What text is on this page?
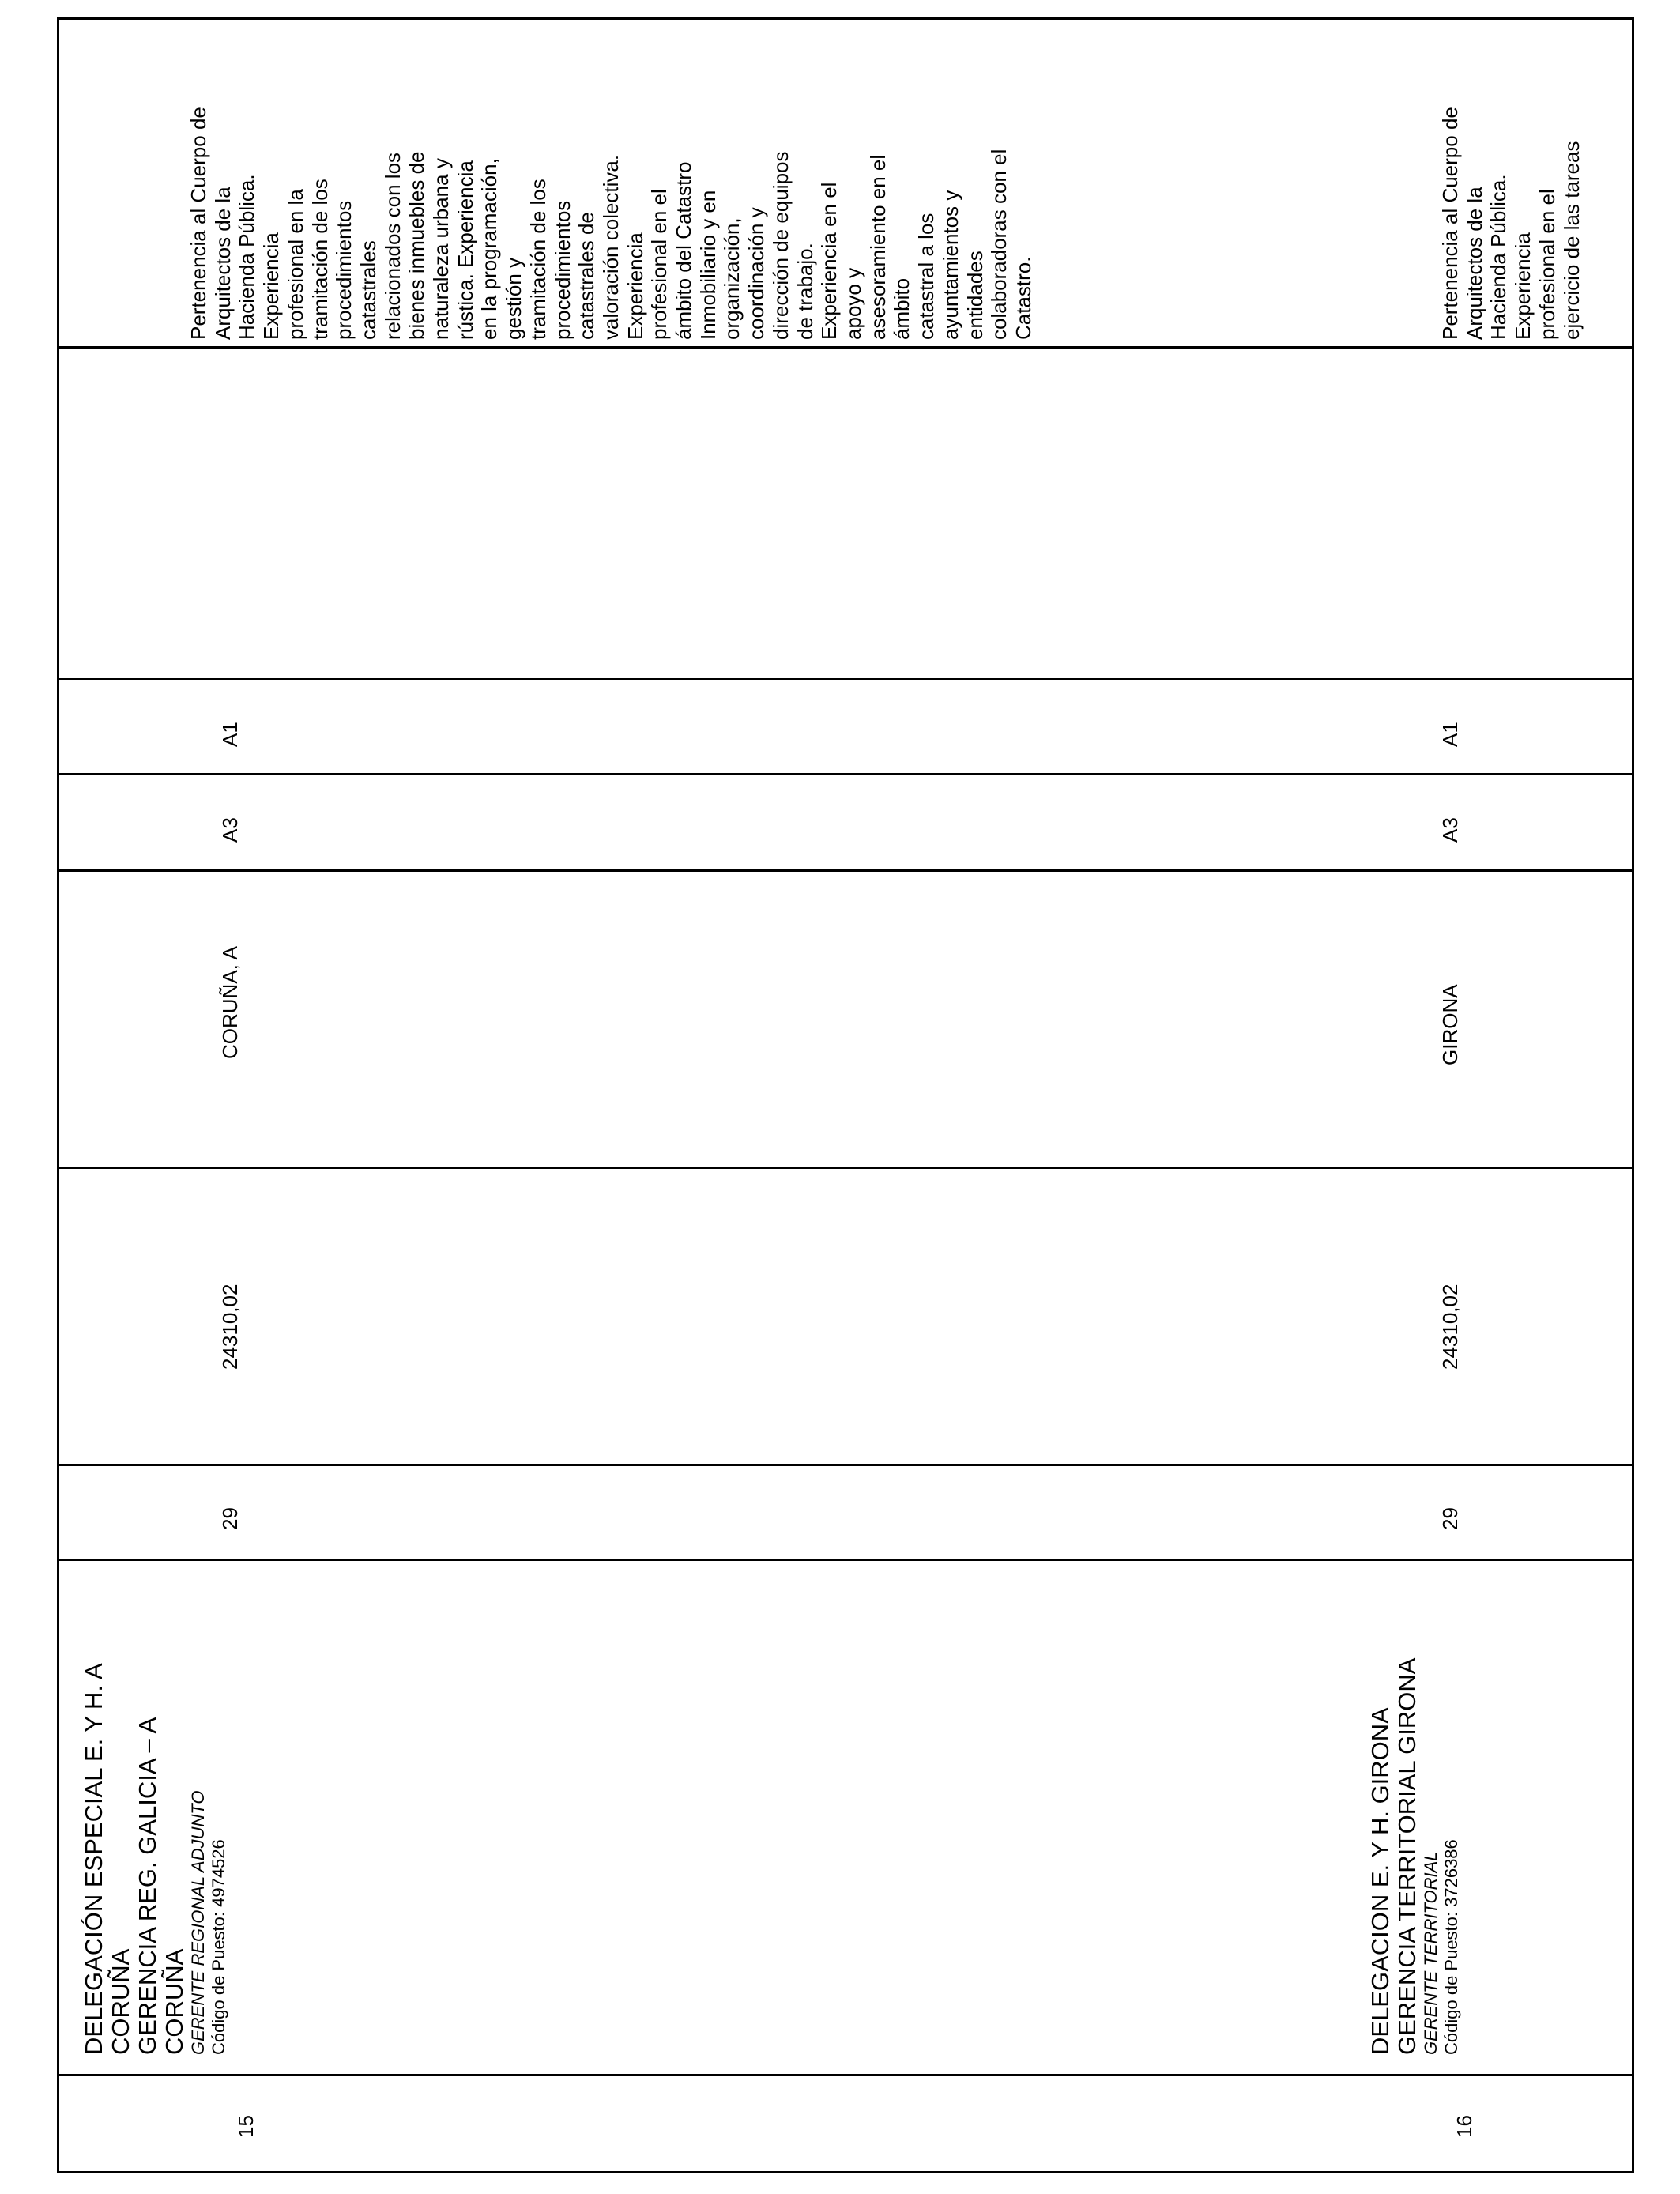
15
DELEGACIÓN ESPECIAL E. Y H. A CORUÑA GERENCIA REG. GALICIA – A CORUÑA GERENTE REGIONAL ADJUNTO Código de Puesto: 4974526
29
24310,02
CORUÑA, A
A3
A1
Pertenencia al Cuerpo de Arquitectos de la Hacienda Pública. Experiencia profesional en la tramitación de los procedimientos catastrales relacionados con los bienes inmuebles de naturaleza urbana y rústica. Experiencia en la programación, gestión y tramitación de los procedimientos catastrales de valoración colectiva. Experiencia profesional en el ámbito del Catastro Inmobiliario y en organización, coordinación y dirección de equipos de trabajo. Experiencia en el apoyo y asesoramiento en el ámbito catastral a los ayuntamientos y entidades colaboradoras con el Catastro.
16
DELEGACION E. Y H. GIRONA GERENCIA TERRITORIAL GIRONA GERENTE TERRITORIAL Código de Puesto: 3726386
29
24310,02
GIRONA
A3
A1
Pertenencia al Cuerpo de Arquitectos de la Hacienda Pública. Experiencia profesional en el ejercicio de las tareas
